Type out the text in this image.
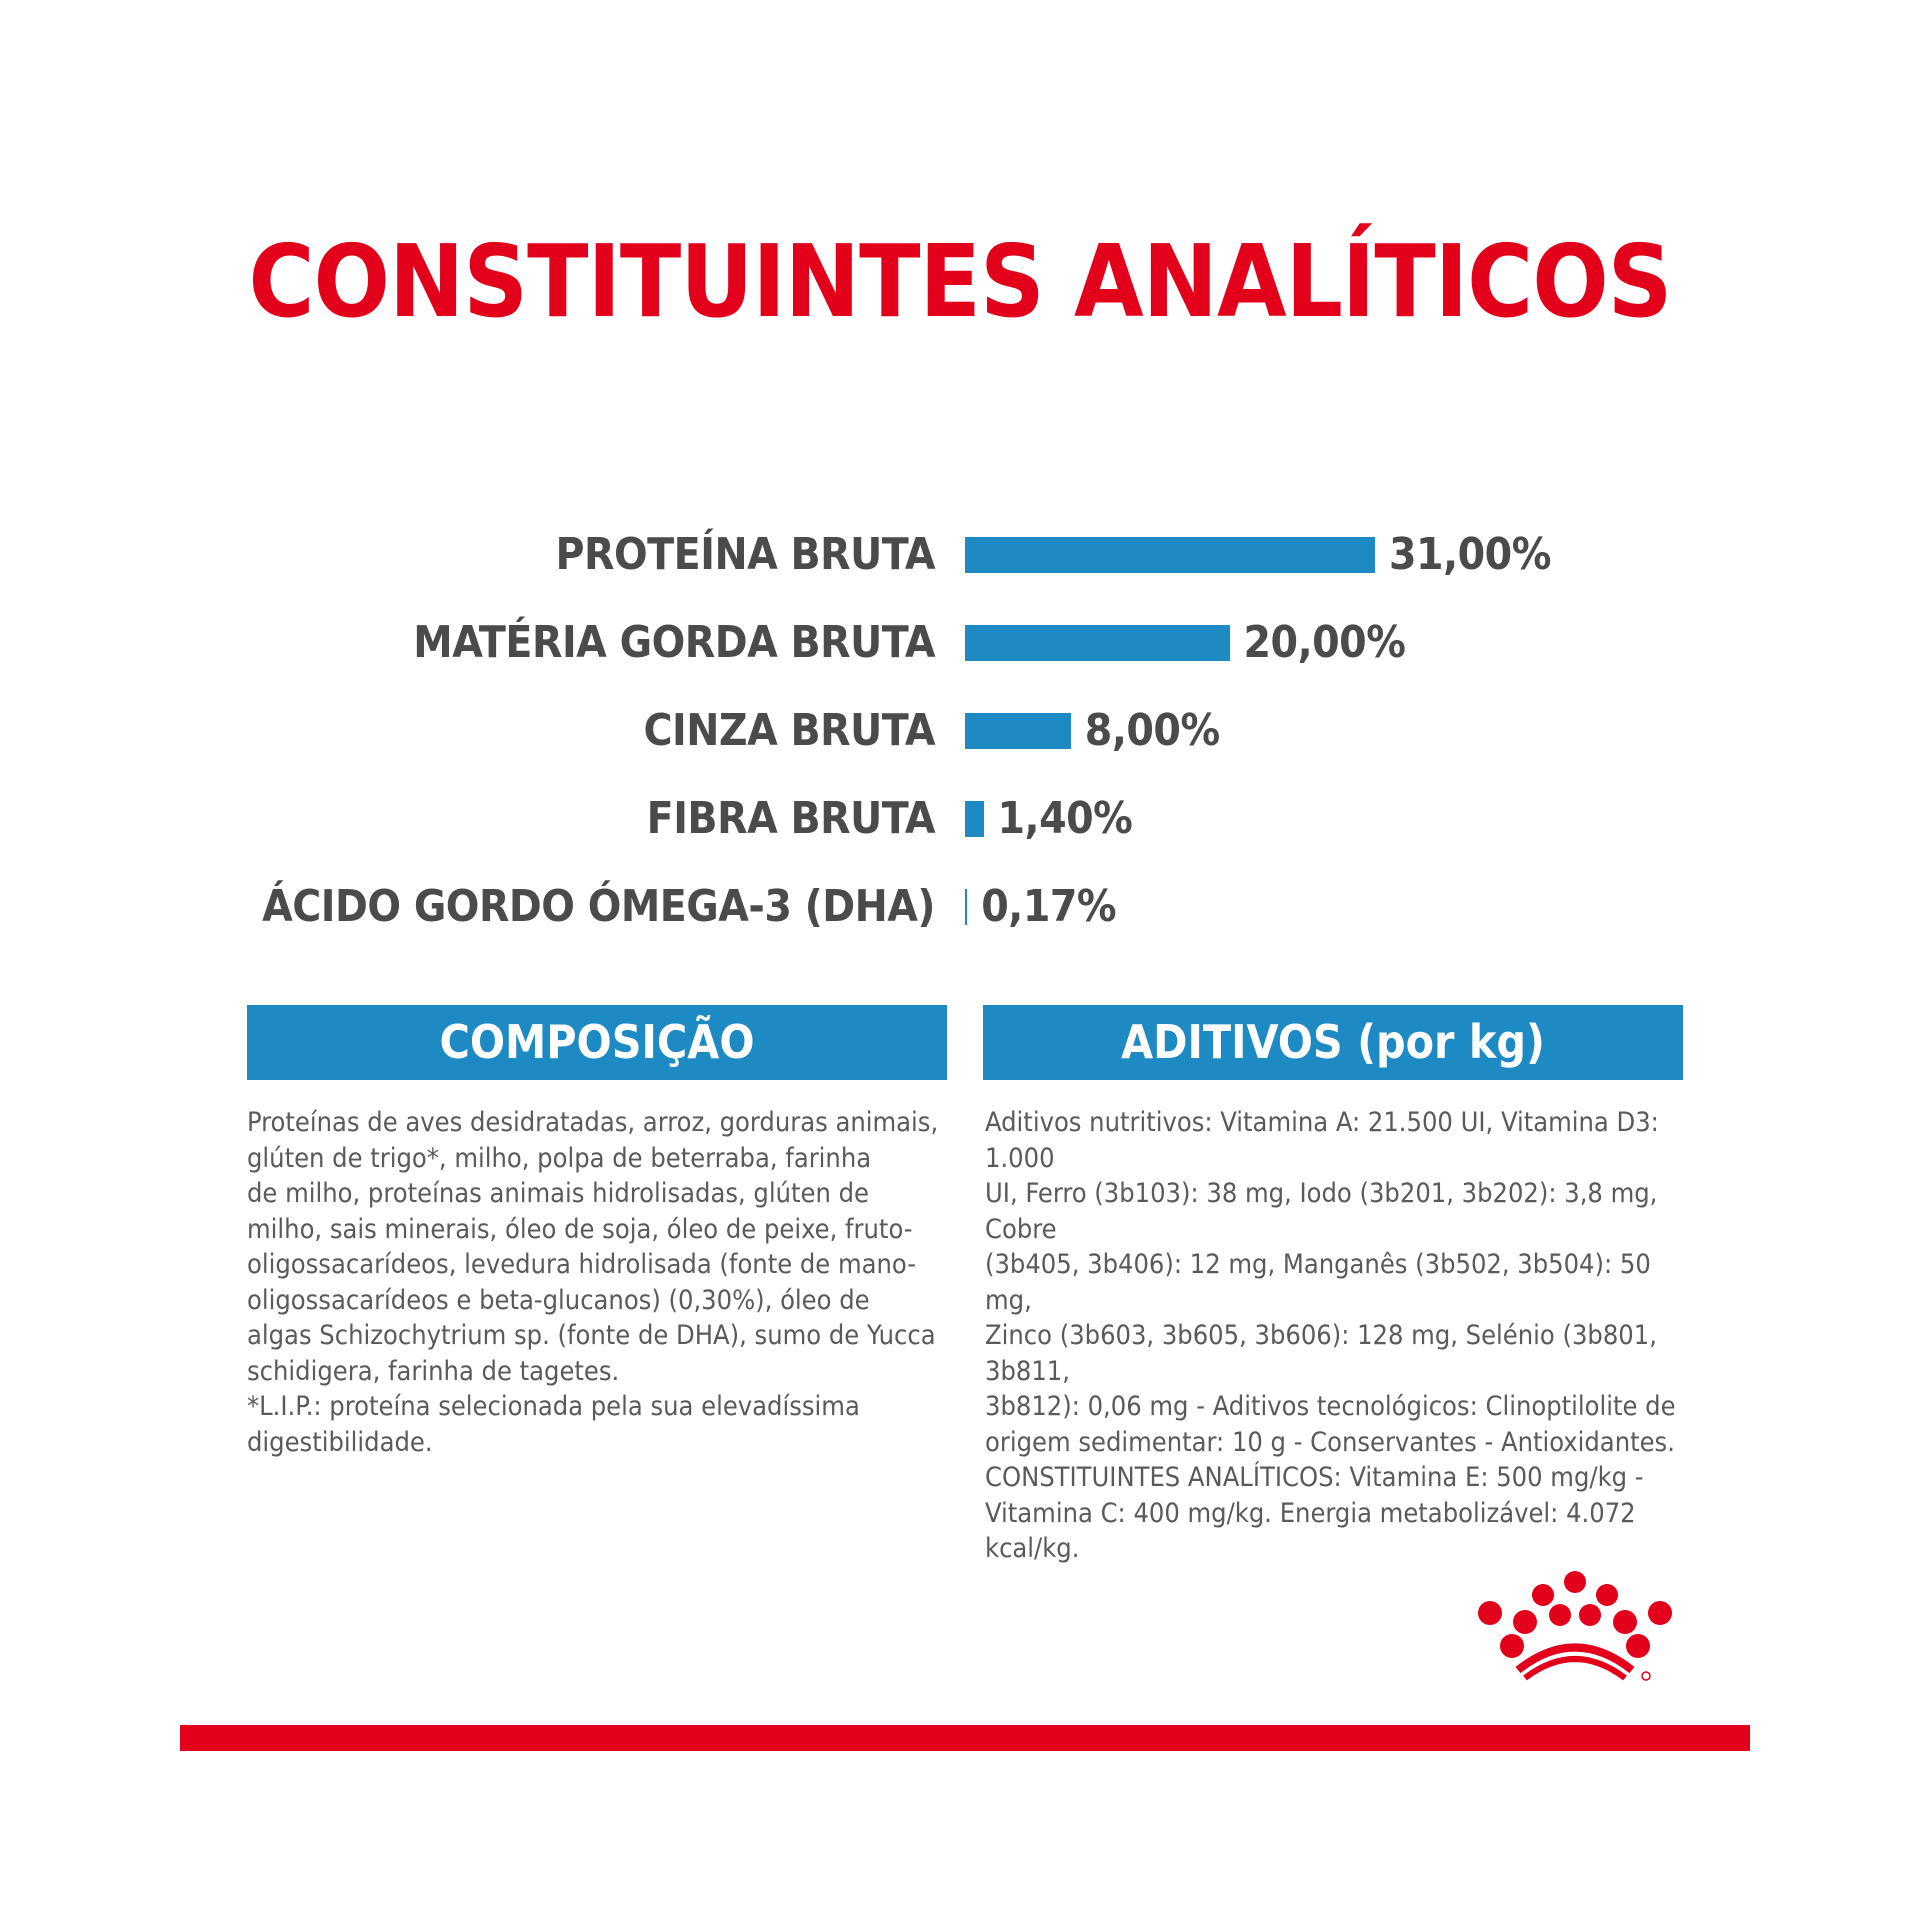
CONSTITUINTES ANALÍTICOS
PROTEÍNA BRUTA	31,00%
MATÉRIA GORDA BRUTA	20,00%
CINZA BRUTA	8,00%
FIBRA BRUTA 1,40%
ÁCIDO GORDO ÓMEGA-3 (DHA) 0,17%
COMPOSIÇÃO

Proteínas de aves desidratadas, arroz, gorduras animais,
glúten de trigo*, milho, polpa de beterraba, farinha
de milho, proteínas animais hidrolisadas, glúten de
milho, sais minerais, óleo de soja, óleo de peixe, fruto-
oligossacarídeos, levedura hidrolisada (fonte de mano-
oligossacarídeos e beta-glucanos) (0,30%), óleo de
algas Schizochytrium sp. (fonte de DHA), sumo de Yucca
schidigera, farinha de tagetes.
*L.I.P.: proteína selecionada pela sua elevadíssima
digestibilidade.

ADITIVOS (por kg)

Aditivos nutritivos: Vitamina A: 21.500 UI, Vitamina D3: 1.000
UI, Ferro (3b103): 38 mg, Iodo (3b201, 3b202): 3,8 mg, Cobre
(3b405, 3b406): 12 mg, Manganês (3b502, 3b504): 50 mg,
Zinco (3b603, 3b605, 3b606): 128 mg, Selénio (3b801, 3b811,
3b812): 0,06 mg - Aditivos tecnológicos: Clinoptilolite de
origem sedimentar: 10 g - Conservantes - Antioxidantes.
CONSTITUINTES ANALÍTICOS: Vitamina E: 500 mg/kg -
Vitamina C: 400 mg/kg. Energia metabolizável: 4.072 kcal/kg.
